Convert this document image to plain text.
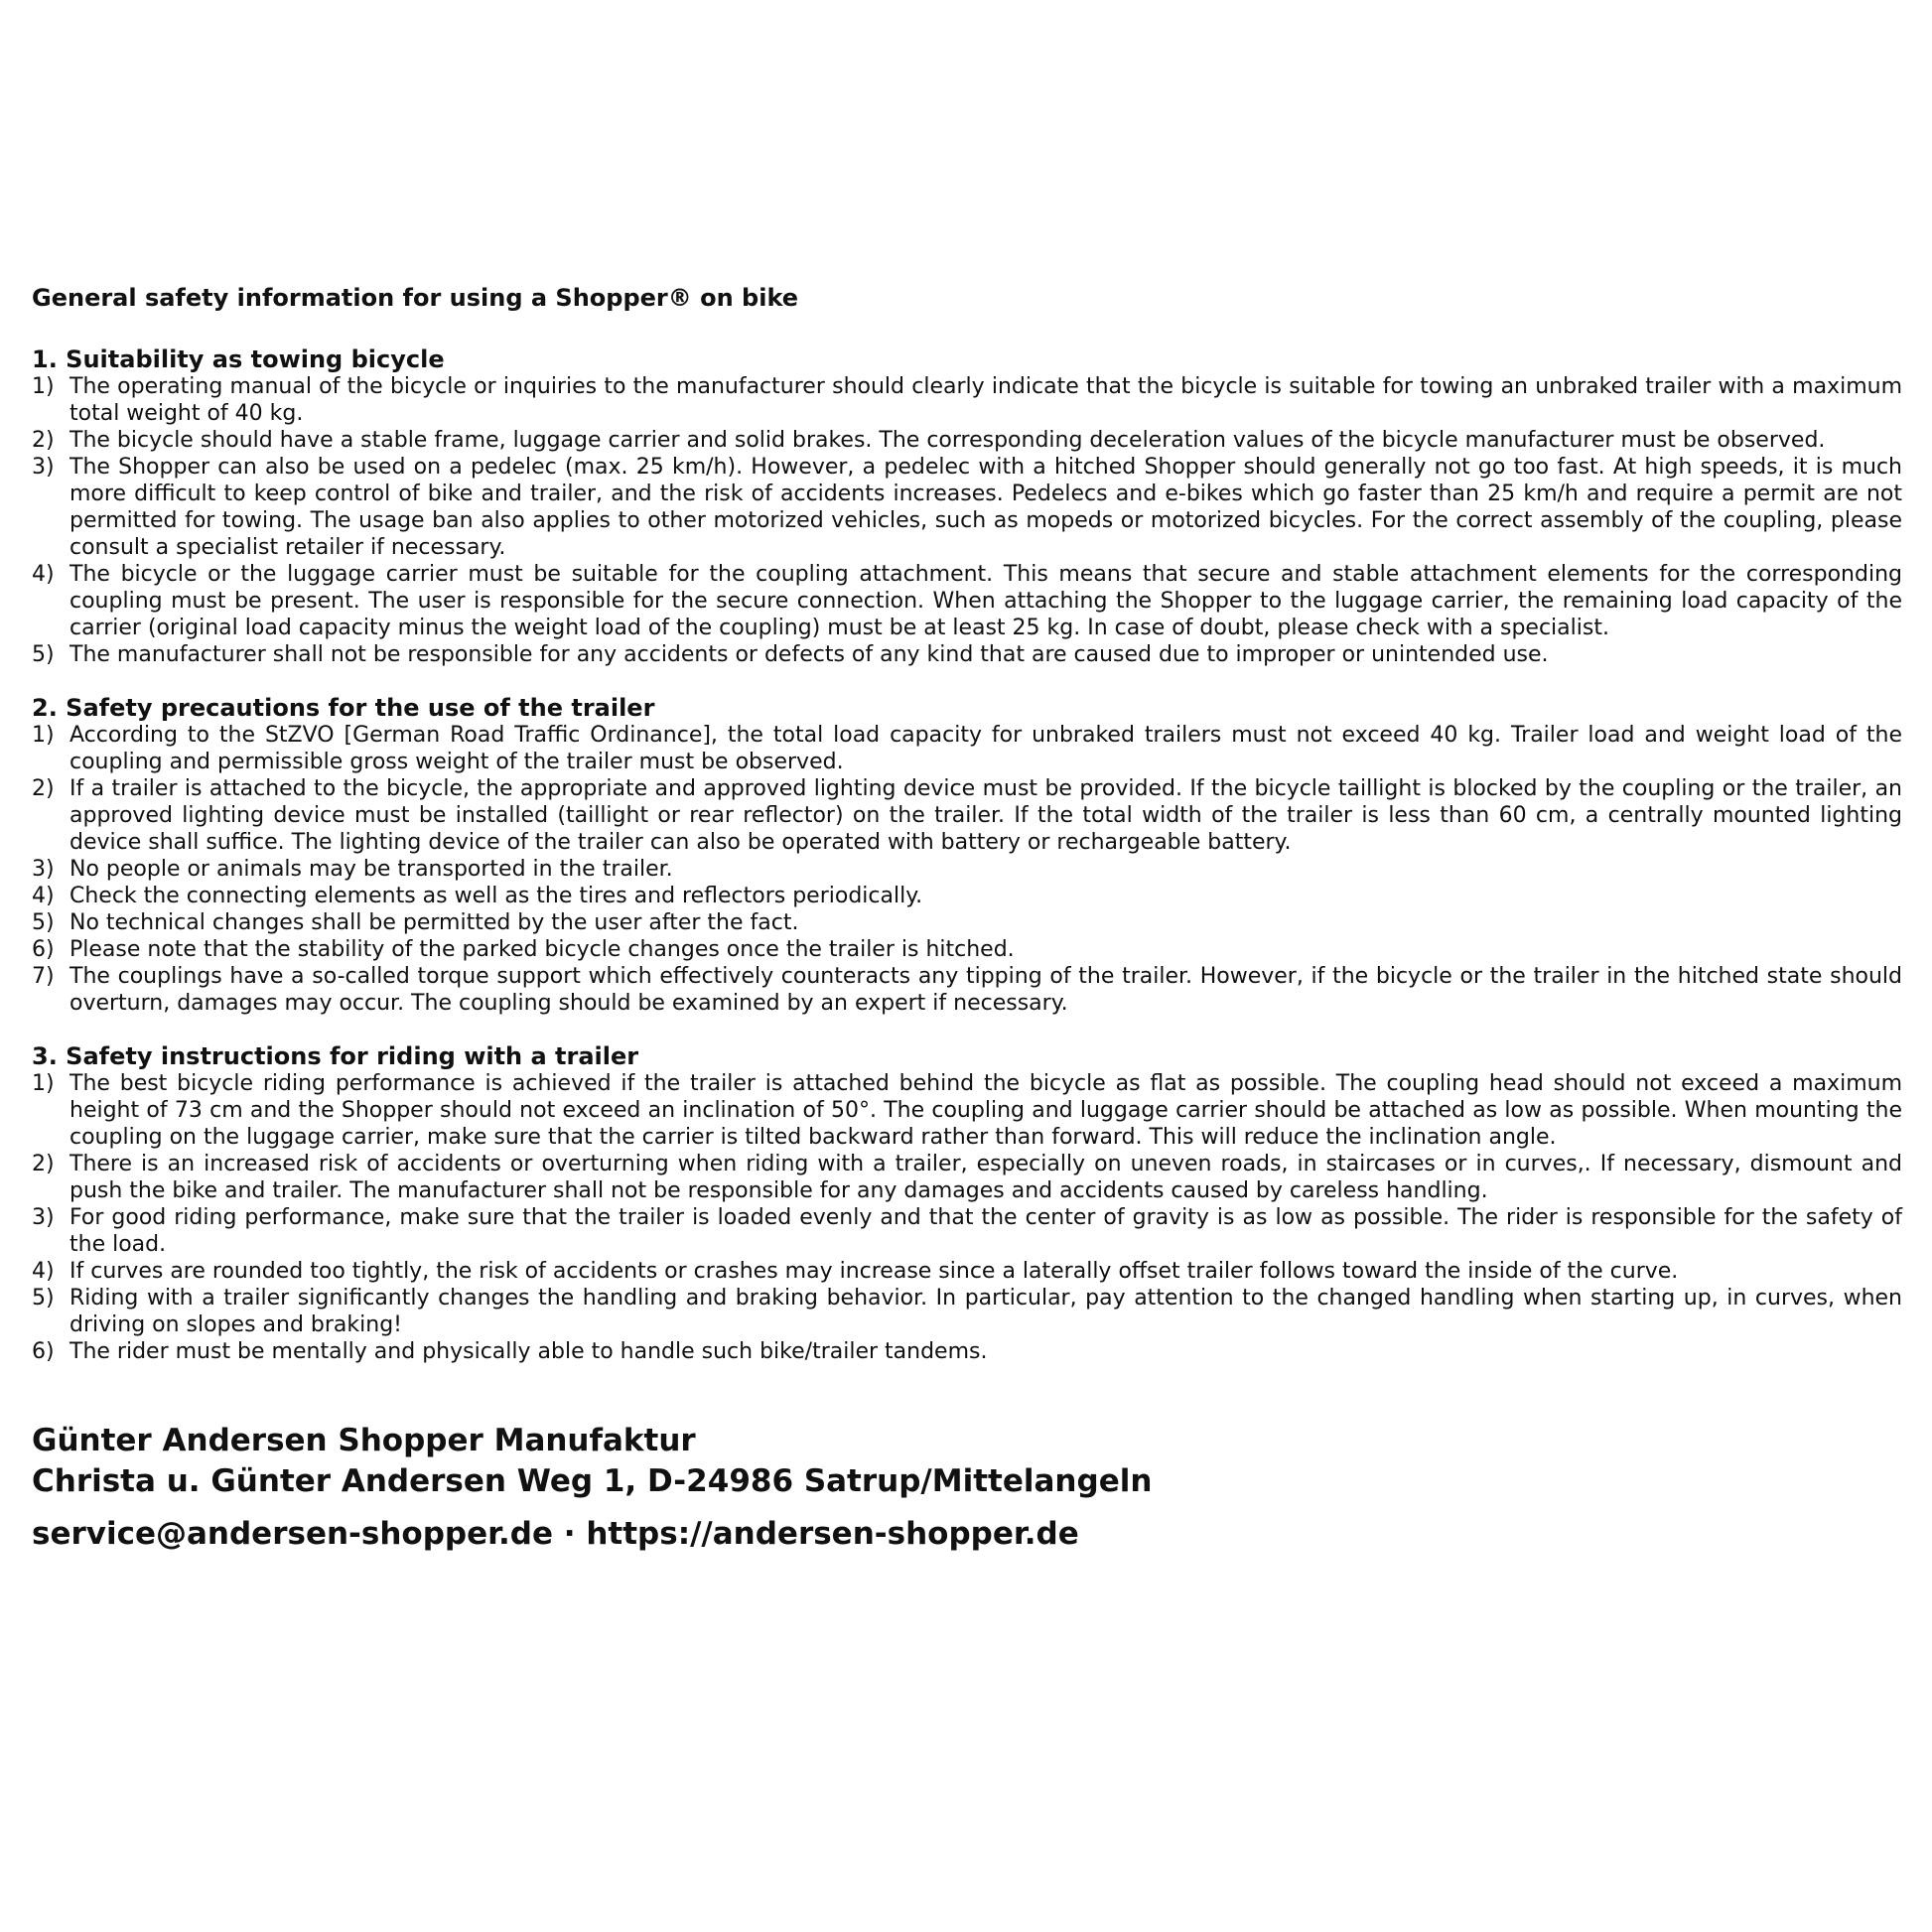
General safety information for using a Shopper® on bike
1. Suitability as towing bicycle
1) The operating manual of the bicycle or inquiries to the manufacturer should clearly indicate that the bicycle is suitable for towing an unbraked trailer with a maximum total weight of 40 kg.
2) The bicycle should have a stable frame, luggage carrier and solid brakes. The corresponding deceleration values of the bicycle manufacturer must be observed.
3) The Shopper can also be used on a pedelec (max. 25 km/h). However, a pedelec with a hitched Shopper should generally not go too fast. At high speeds, it is much more difficult to keep control of bike and trailer, and the risk of accidents increases. Pedelecs and e-bikes which go faster than 25 km/h and require a permit are not permitted for towing. The usage ban also applies to other motorized vehicles, such as mopeds or motorized bicycles. For the correct assembly of the coupling, please consult a specialist retailer if necessary.
4) The bicycle or the luggage carrier must be suitable for the coupling attachment. This means that secure and stable attachment elements for the corresponding coupling must be present. The user is responsible for the secure connection. When attaching the Shopper to the luggage carrier, the remaining load capacity of the carrier (original load capacity minus the weight load of the coupling) must be at least 25 kg. In case of doubt, please check with a specialist.
5) The manufacturer shall not be responsible for any accidents or defects of any kind that are caused due to improper or unintended use.
2. Safety precautions for the use of the trailer
1) According to the StZVO [German Road Traffic Ordinance], the total load capacity for unbraked trailers must not exceed 40 kg. Trailer load and weight load of the coupling and permissible gross weight of the trailer must be observed.
2) If a trailer is attached to the bicycle, the appropriate and approved lighting device must be provided. If the bicycle taillight is blocked by the coupling or the trailer, an approved lighting device must be installed (taillight or rear reflector) on the trailer. If the total width of the trailer is less than 60 cm, a centrally mounted lighting device shall suffice. The lighting device of the trailer can also be operated with battery or rechargeable battery.
3) No people or animals may be transported in the trailer.
4) Check the connecting elements as well as the tires and reflectors periodically.
5) No technical changes shall be permitted by the user after the fact.
6) Please note that the stability of the parked bicycle changes once the trailer is hitched.
7) The couplings have a so-called torque support which effectively counteracts any tipping of the trailer. However, if the bicycle or the trailer in the hitched state should overturn, damages may occur. The coupling should be examined by an expert if necessary.
3. Safety instructions for riding with a trailer
1) The best bicycle riding performance is achieved if the trailer is attached behind the bicycle as flat as possible. The coupling head should not exceed a maximum height of 73 cm and the Shopper should not exceed an inclination of 50°. The coupling and luggage carrier should be attached as low as possible. When mounting the coupling on the luggage carrier, make sure that the carrier is tilted backward rather than forward. This will reduce the inclination angle.
2) There is an increased risk of accidents or overturning when riding with a trailer, especially on uneven roads, in staircases or in curves,. If necessary, dismount and push the bike and trailer. The manufacturer shall not be responsible for any damages and accidents caused by careless handling.
3) For good riding performance, make sure that the trailer is loaded evenly and that the center of gravity is as low as possible. The rider is responsible for the safety of the load.
4) If curves are rounded too tightly, the risk of accidents or crashes may increase since a laterally offset trailer follows toward the inside of the curve.
5) Riding with a trailer significantly changes the handling and braking behavior. In particular, pay attention to the changed handling when starting up, in curves, when driving on slopes and braking!
6) The rider must be mentally and physically able to handle such bike/trailer tandems.

Günter Andersen Shopper Manufaktur

Christa u. Günter Andersen Weg 1, D-24986 Satrup/Mittelangeln

service@andersen-shopper.de · https://andersen-shopper.de
